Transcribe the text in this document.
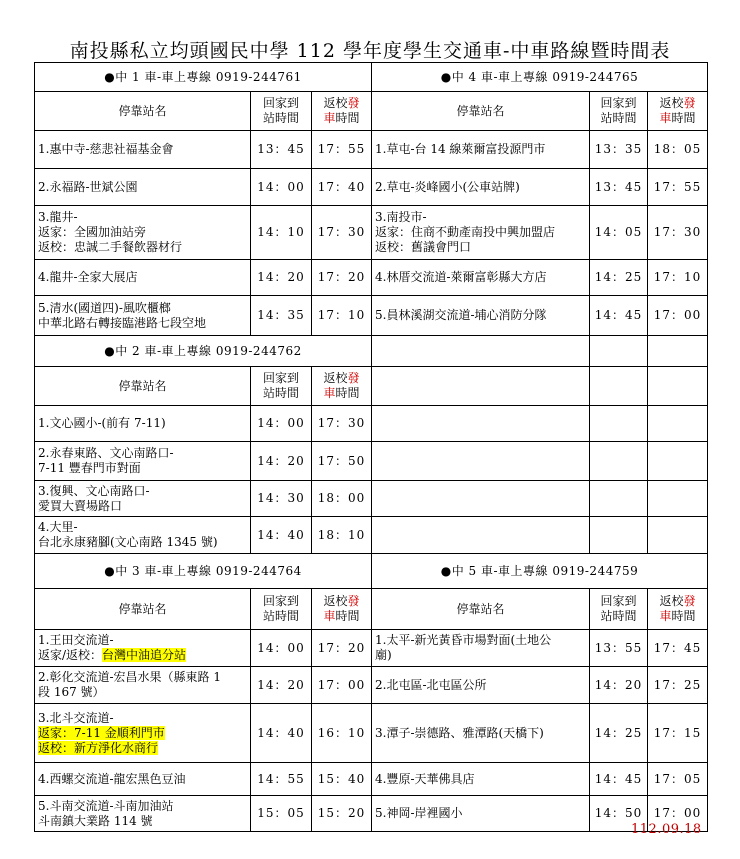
南投縣私立均頭國民中學 112 學年度學生交通車-中車路線暨時間表
●中 1 車-車上專線 0919-244761			●中 4 車-車上專線 0919-244765		
停靠站名	回家到
站時間	返校發
車時間	停靠站名	回家到
站時間	返校發
車時間
1.惠中寺-慈悲社福基金會	13：45	17：55	1.草屯-台 14 線萊爾富投源門市	13：35	18：05
2.永福路-世斌公園	14：00	17：40	2.草屯-炎峰國小(公車站牌)	13：45	17：55
3.龍井-
返家：全國加油站旁
返校：忠誠二手餐飲器材行	14：10	17：30	3.南投市-
返家：住商不動產南投中興加盟店
返校：舊議會門口	14：05	17：30
4.龍井-全家大展店	14：20	17：20	4.林厝交流道-萊爾富彰縣大方店	14：25	17：10
5.清水(國道四)-風吹櫃榔
中華北路右轉接臨港路七段空地	14：35	17：10	5.員林溪湖交流道-埔心消防分隊	14：45	17：00
●中 2 車-車上專線 0919-244762					
停靠站名	回家到
站時間	返校發
車時間			
1.文心國小-(前有 7-11)	14：00	17：30			
2.永春東路、文心南路口-
7-11 豐春門市對面	14：20	17：50			
3.復興、文心南路口-
愛買大賣場路口	14：30	18：00			
4.大里-
台北永康豬腳(文心南路 1345 號)	14：40	18：10			
●中 3 車-車上專線 0919-244764			●中 5 車-車上專線 0919-244759		
停靠站名	回家到
站時間	返校發
車時間	停靠站名	回家到
站時間	返校發
車時間
1.王田交流道-
返家/返校：台灣中油追分站	14：00	17：20	1.太平-新光黃昏市場對面(土地公
廟)	13：55	17：45
2.彰化交流道-宏昌水果（縣東路 1
段 167 號）	14：20	17：00	2.北屯區-北屯區公所	14：20	17：25
3.北斗交流道-
返家：7-11 金順利門市
返校：新方淨化水商行	14：40	16：10	3.潭子-崇德路、雅潭路(天橋下)	14：25	17：15
4.西螺交流道-龍宏黑色豆油	14：55	15：40	4.豐原-天華佛具店	14：45	17：05
5.斗南交流道-斗南加油站
斗南鎮大業路 114 號	15：05	15：20	5.神岡-岸裡國小	14：50	17：00
112.09.18
